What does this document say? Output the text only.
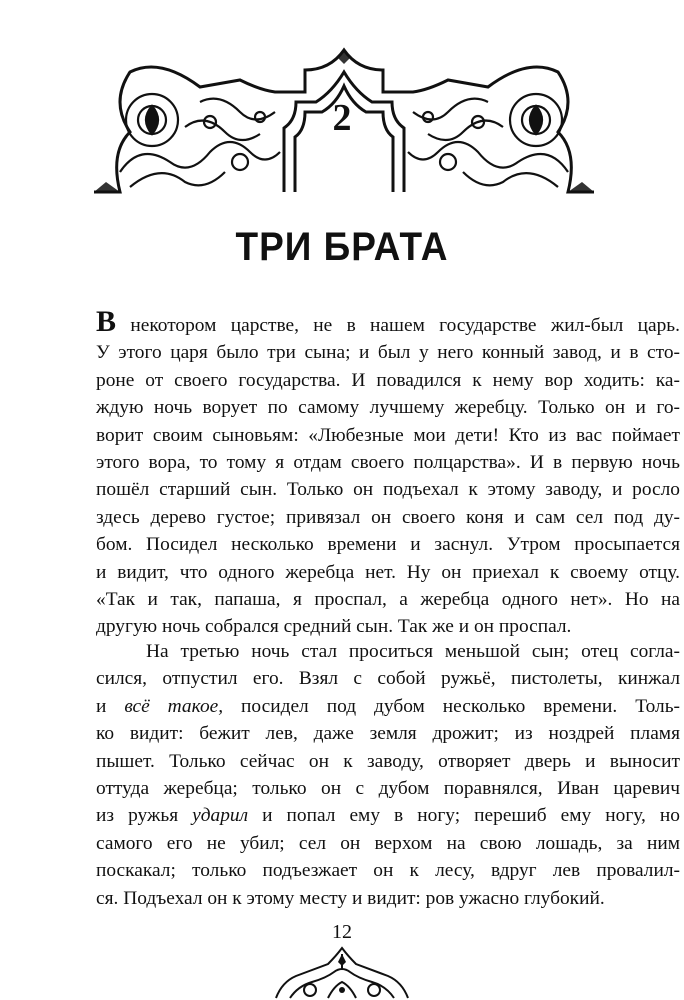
2
ТРИ БРАТА
В некотором царстве, не в нашем государстве жил-был царь.
У этого царя было три сына; и был у него конный завод, и в сто-
роне от своего государства. И повадился к нему вор ходить: ка-
ждую ночь ворует по самому лучшему жеребцу. Только он и го-
ворит своим сыновьям: «Любезные мои дети! Кто из вас поймает
этого вора, то тому я отдам своего полцарства». И в первую ночь
пошёл старший сын. Только он подъехал к этому заводу, и росло
здесь дерево густое; привязал он своего коня и сам сел под ду-
бом. Посидел несколько времени и заснул. Утром просыпается
и видит, что одного жеребца нет. Ну он приехал к своему отцу.
«Так и так, папаша, я проспал, а жеребца одного нет». Но на
другую ночь собрался средний сын. Так же и он проспал.
На третью ночь стал проситься меньшой сын; отец согла-
сился, отпустил его. Взял с собой ружьё, пистолеты, кинжал
и всё такое, посидел под дубом несколько времени. Толь-
ко видит: бежит лев, даже земля дрожит; из ноздрей пламя
пышет. Только сейчас он к заводу, отворяет дверь и выносит
оттуда жеребца; только он с дубом поравнялся, Иван царевич
из ружья ударил и попал ему в ногу; перешиб ему ногу, но
самого его не убил; сел он верхом на свою лошадь, за ним
поскакал; только подъезжает он к лесу, вдруг лев провалил-
ся. Подъехал он к этому месту и видит: ров ужасно глубокий.
12
